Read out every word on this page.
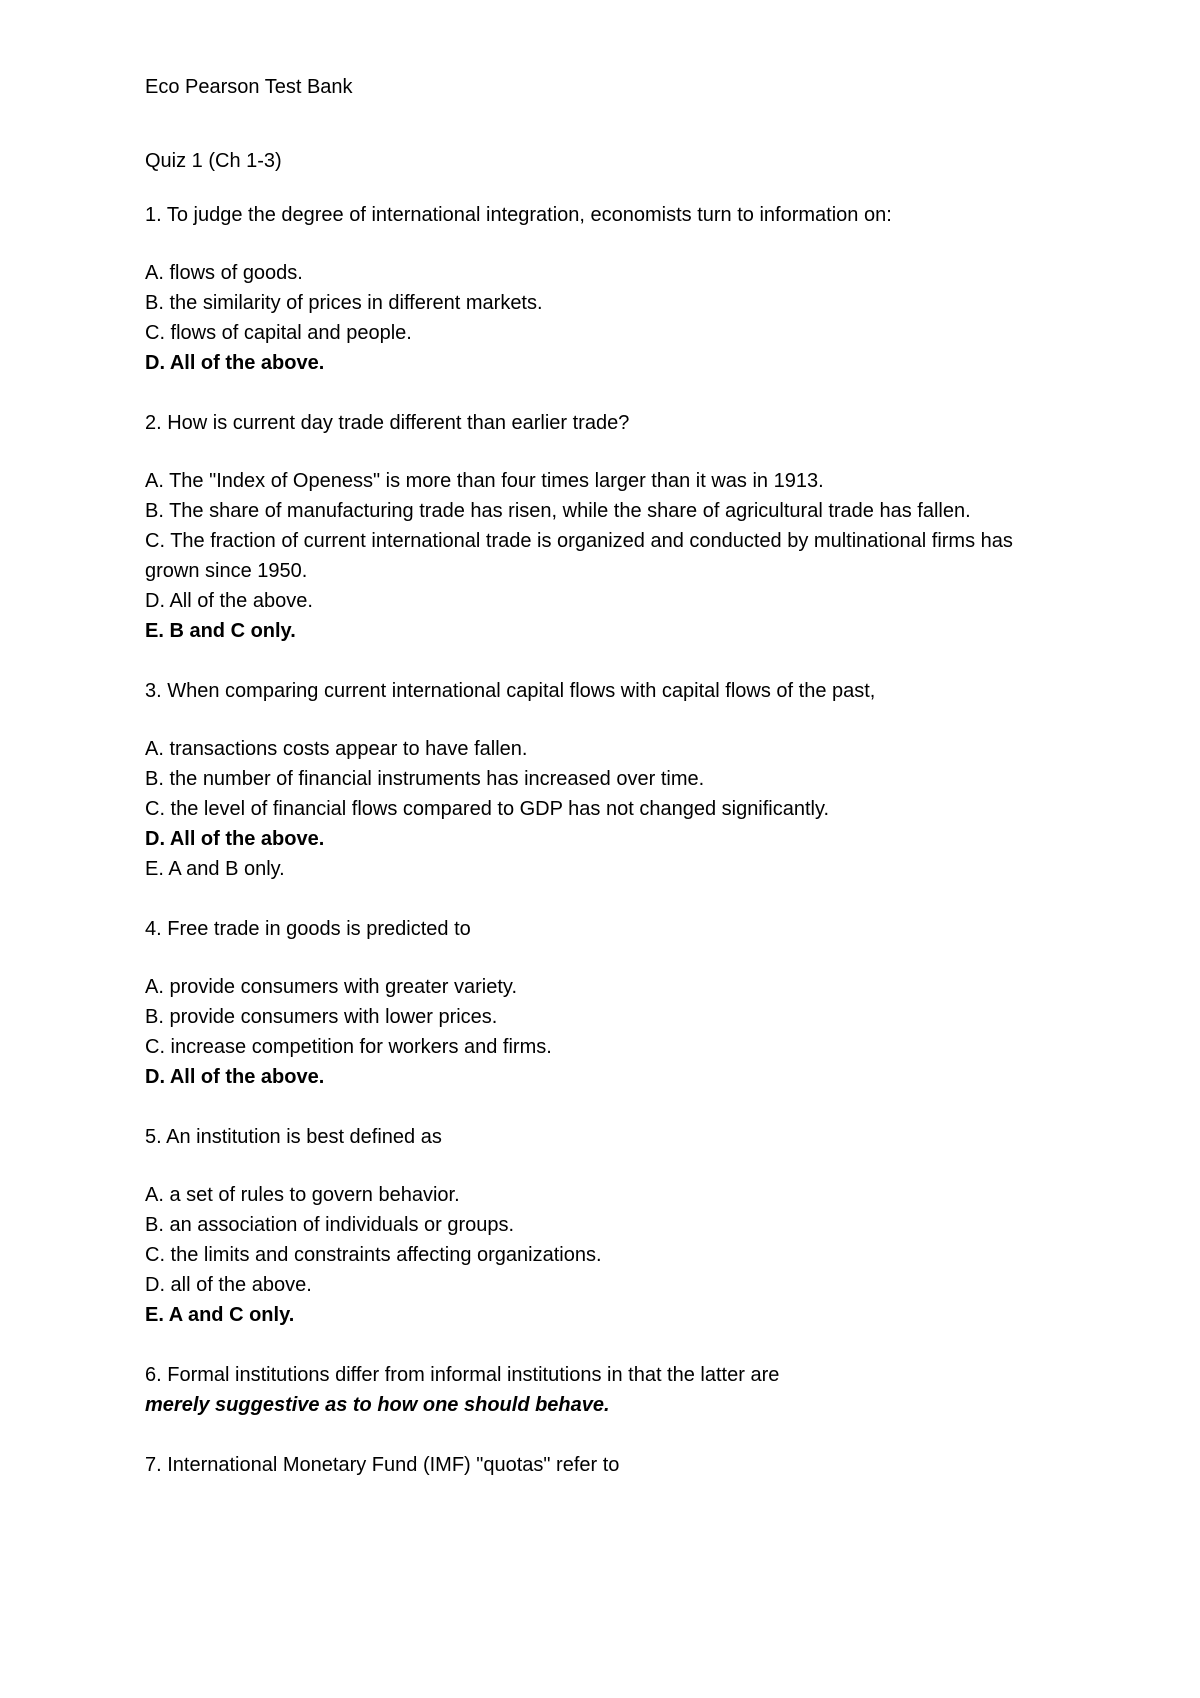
Eco Pearson Test Bank
Quiz 1 (Ch 1-3)
1. To judge the degree of international integration, economists turn to information on:
A. flows of goods.
B. the similarity of prices in different markets.
C. flows of capital and people.
D. All of the above.
2. How is current day trade different than earlier trade?
A. The "Index of Openess" is more than four times larger than it was in 1913.
B. The share of manufacturing trade has risen, while the share of agricultural trade has fallen.
C. The fraction of current international trade is organized and conducted by multinational firms has grown since 1950.
D. All of the above.
E. B and C only.
3. When comparing current international capital flows with capital flows of the past,
A. transactions costs appear to have fallen.
B. the number of financial instruments has increased over time.
C. the level of financial flows compared to GDP has not changed significantly.
D. All of the above.
E. A and B only.
4. Free trade in goods is predicted to
A. provide consumers with greater variety.
B. provide consumers with lower prices.
C. increase competition for workers and firms.
D. All of the above.
5. An institution is best defined as
A. a set of rules to govern behavior.
B. an association of individuals or groups.
C. the limits and constraints affecting organizations.
D. all of the above.
E. A and C only.
6. Formal institutions differ from informal institutions in that the latter are
merely suggestive as to how one should behave.
7. International Monetary Fund (IMF) "quotas" refer to
